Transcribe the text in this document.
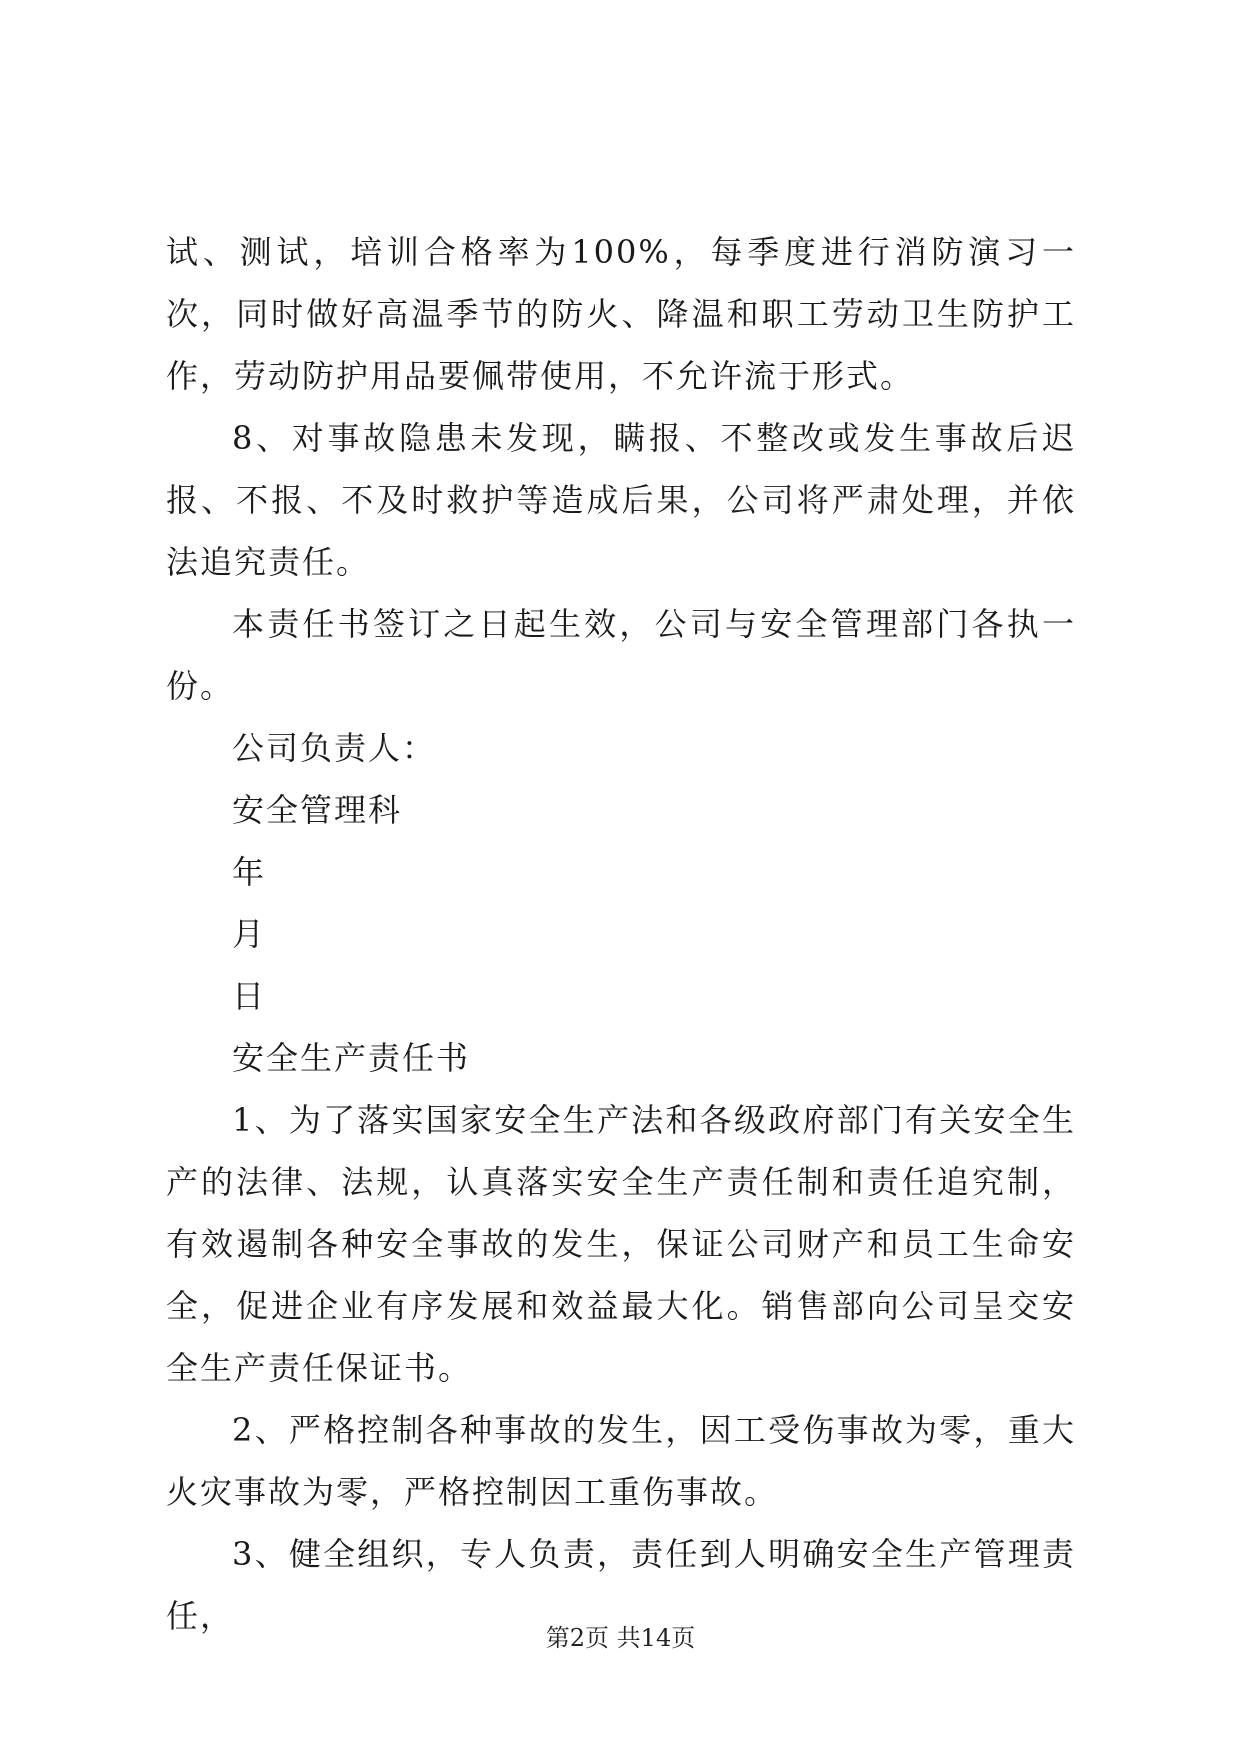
试、测试，培训合格率为100%，每季度进行消防演习一次，同时做好高温季节的防火、降温和职工劳动卫生防护工作，劳动防护用品要佩带使用，不允许流于形式。

8、对事故隐患未发现，瞒报、不整改或发生事故后迟报、不报、不及时救护等造成后果，公司将严肃处理，并依法追究责任。

本责任书签订之日起生效，公司与安全管理部门各执一份。

公司负责人：

安全管理科

年

月

日

安全生产责任书

1、为了落实国家安全生产法和各级政府部门有关安全生产的法律、法规，认真落实安全生产责任制和责任追究制，有效遏制各种安全事故的发生，保证公司财产和员工生命安全，促进企业有序发展和效益最大化。销售部向公司呈交安全生产责任保证书。

2、严格控制各种事故的发生，因工受伤事故为零，重大火灾事故为零，严格控制因工重伤事故。

3、健全组织，专人负责，责任到人明确安全生产管理责任，

第2页 共14页
